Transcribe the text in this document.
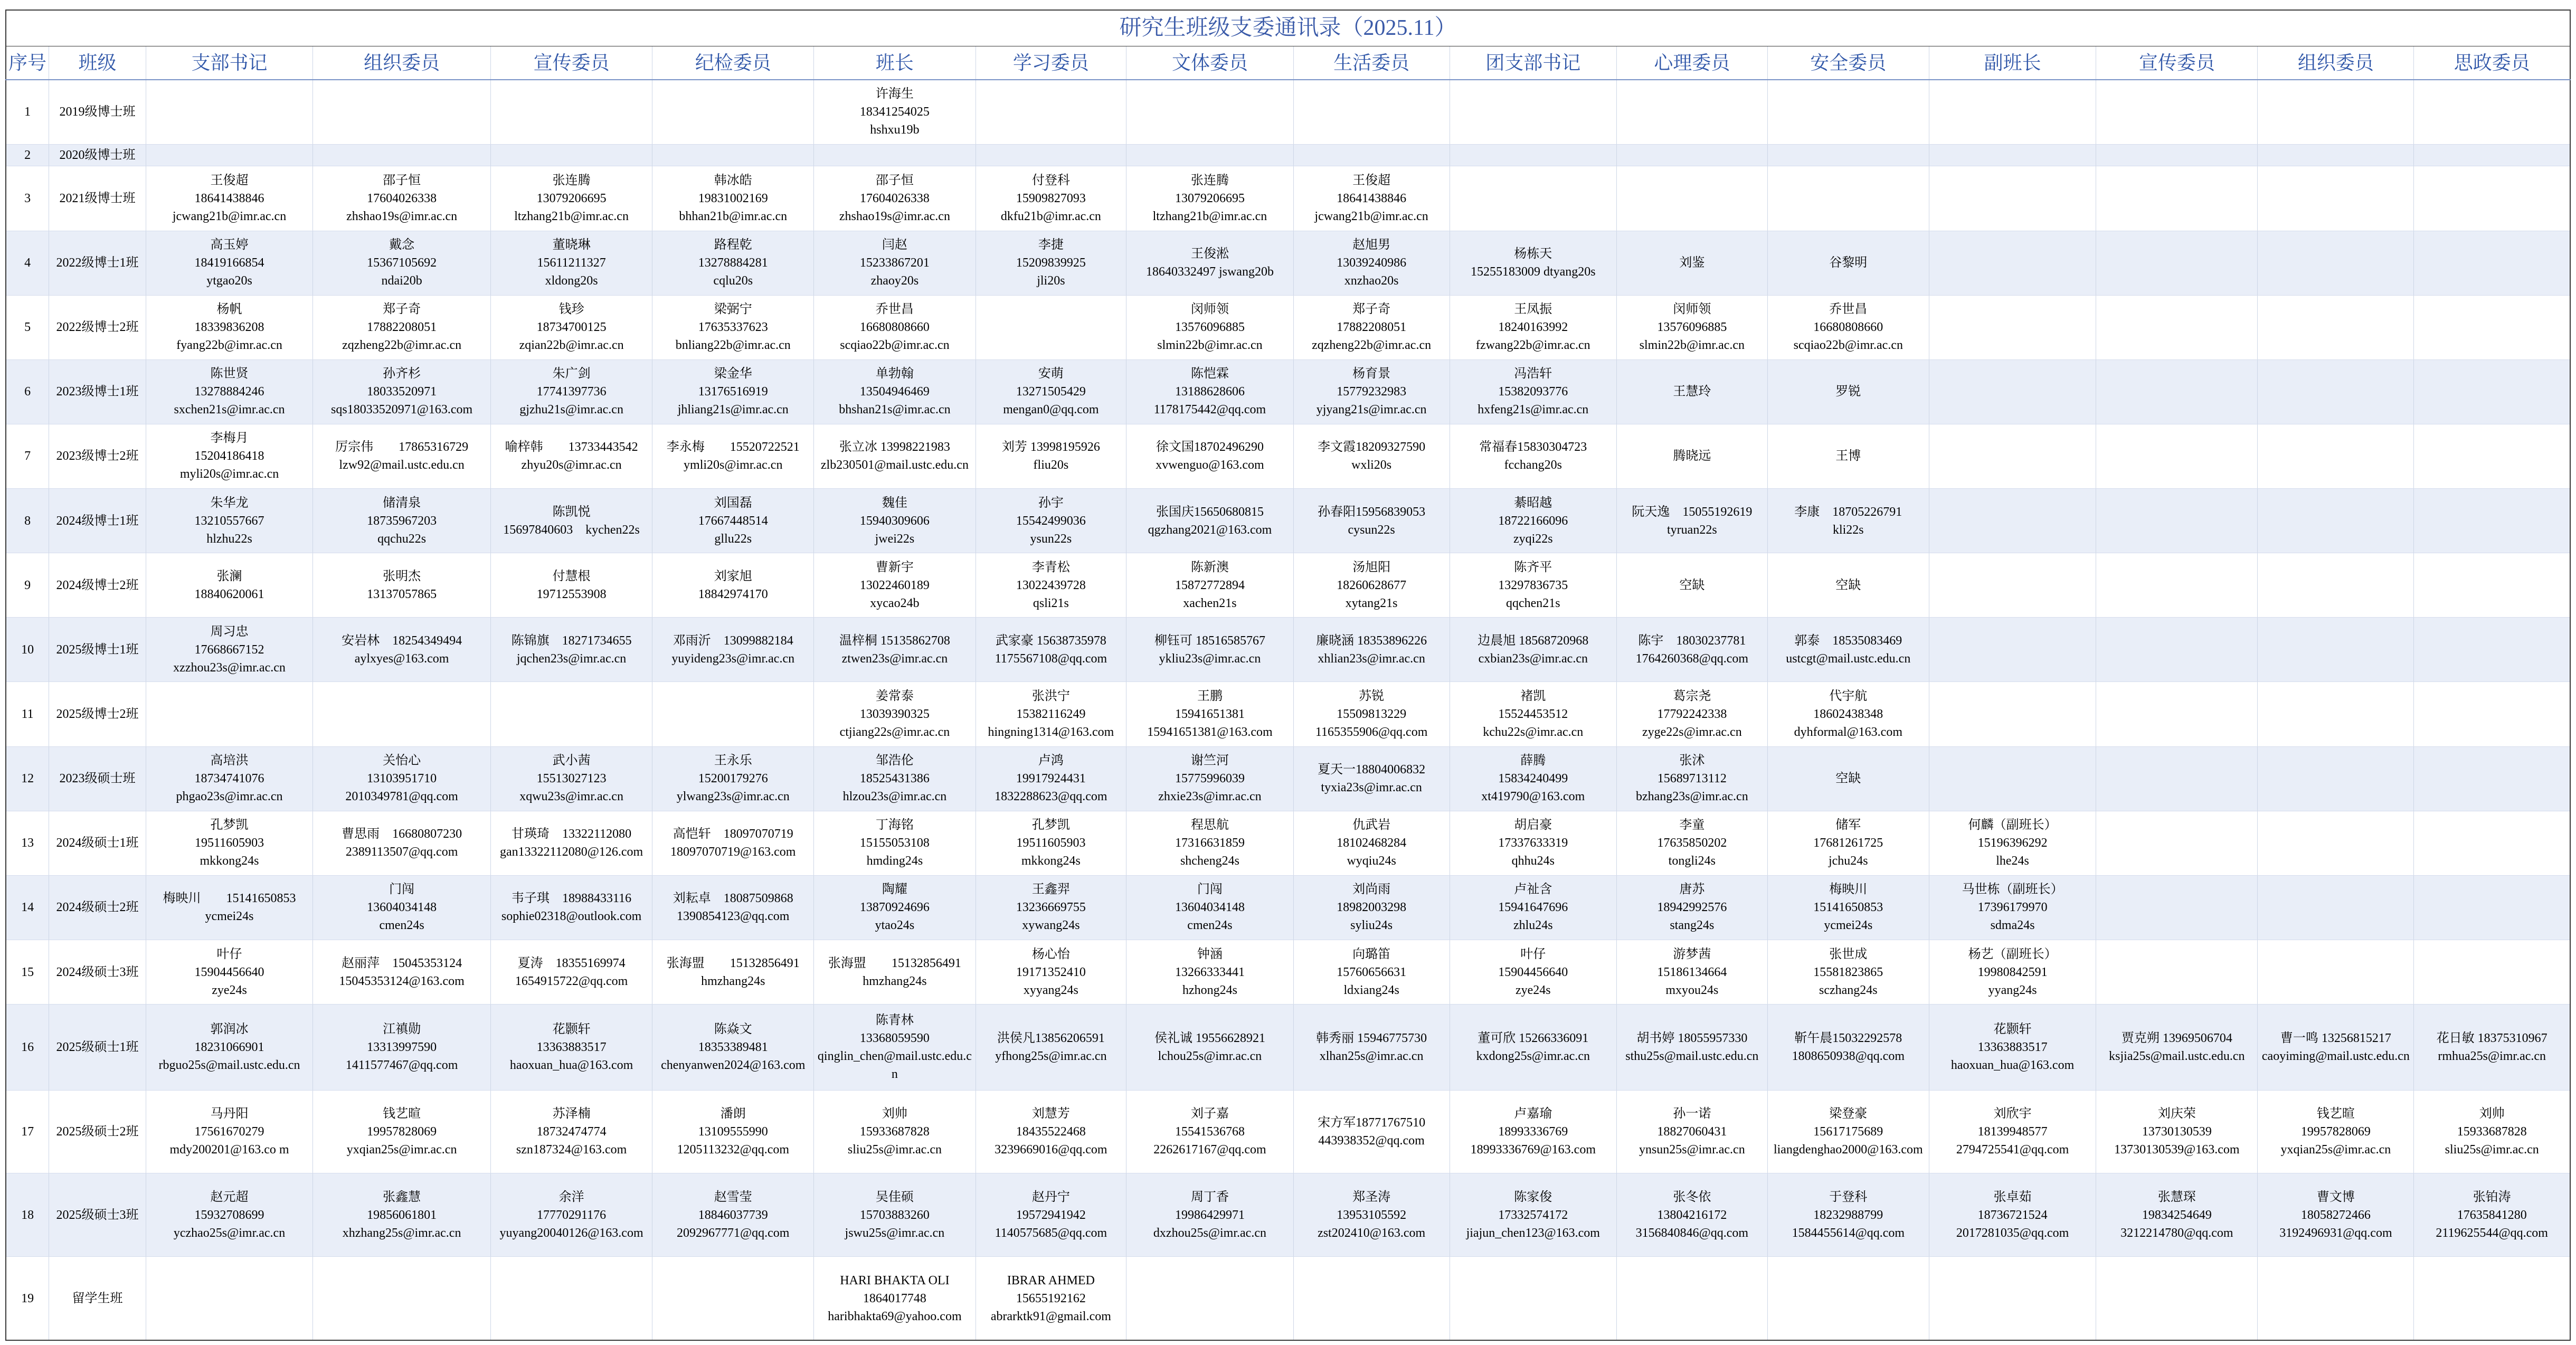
研究生班级支委通讯录（2025.11）																
序号	班级	支部书记	组织委员	宣传委员	纪检委员	班长	学习委员	文体委员	生活委员	团支部书记	心理委员	安全委员	副班长	宣传委员	组织委员	思政委员
1	2019级博士班					许海生
18341254025
hshxu19b										

2	2020级博士班															
3	2021级博士班	王俊超
18641438846
jcwang21b@imr.ac.cn	邵子恒
17604026338
zhshao19s@imr.ac.cn	张连腾
13079206695
ltzhang21b@imr.ac.cn	韩冰皓
19831002169
bhhan21b@imr.ac.cn	邵子恒
17604026338
zhshao19s@imr.ac.cn	付登科
15909827093
dkfu21b@imr.ac.cn	张连腾
13079206695
ltzhang21b@imr.ac.cn	王俊超
18641438846
jcwang21b@imr.ac.cn							

4	2022级博士1班	高玉婷
18419166854
ytgao20s	戴念
15367105692
ndai20b	董晓琳
15611211327
xldong20s	路程乾
13278884281
cqlu20s	闫赵
15233867201
zhaoy20s	李捷
15209839925
jli20s	王俊淞
18640332497 jswang20b	赵旭男
13039240986
xnzhao20s	杨栋天
15255183009 dtyang20s	刘鉴	谷黎明				
5	2022级博士2班	杨帆
18339836208
fyang22b@imr.ac.cn	郑子奇
17882208051
zqzheng22b@imr.ac.cn	钱珍
18734700125
zqian22b@imr.ac.cn	梁弼宁
17635337623
bnliang22b@imr.ac.cn	乔世昌
16680808660
scqiao22b@imr.ac.cn		闵师领
13576096885
slmin22b@imr.ac.cn	郑子奇
17882208051
zqzheng22b@imr.ac.cn	王凤振
18240163992
fzwang22b@imr.ac.cn	闵师领
13576096885
slmin22b@imr.ac.cn	乔世昌
16680808660
scqiao22b@imr.ac.cn				

6	2023级博士1班	陈世贤
13278884246
sxchen21s@imr.ac.cn	孙齐杉
18033520971
sqs18033520971@163.com	朱广剑
17741397736
gjzhu21s@imr.ac.cn	梁金华
13176516919
jhliang21s@imr.ac.cn	单勃翰
13504946469
bhshan21s@imr.ac.cn	安萌
13271505429
mengan0@qq.com	陈恺霖
13188628606
1178175442@qq.com	杨育景
15779232983
yjyang21s@imr.ac.cn	冯浩轩
15382093776
hxfeng21s@imr.ac.cn	王慧玲	罗锐				
7	2023级博士2班	李梅月
15204186418
myli20s@imr.ac.cn	厉宗伟　　17865316729
lzw92@mail.ustc.edu.cn	喻梓韩　　13733443542
zhyu20s@imr.ac.cn	李永梅　　15520722521
ymli20s@imr.ac.cn	张立冰 13998221983
zlb230501@mail.ustc.edu.cn	刘芳 13998195926
fliu20s	徐文国18702496290
xvwenguo@163.com	李文霞18209327590
wxli20s	常福春15830304723
fcchang20s	腾晓远	王博				
8	2024级博士1班	朱华龙
13210557667
hlzhu22s	储清泉
18735967203
qqchu22s	陈凯悦
15697840603　kychen22s	刘国磊
17667448514
gllu22s	魏佳
15940309606
jwei22s	孙宇
15542499036
ysun22s	张国庆15650680815
qgzhang2021@163.com	孙春阳15956839053
cysun22s	綦昭越
18722166096
zyqi22s	阮天逸　15055192619
tyruan22s	李康　18705226791
kli22s				

9	2024级博士2班	张澜
18840620061	张明杰
13137057865	付慧根
19712553908	刘家旭
18842974170	曹新宇
13022460189
xycao24b	李青松
13022439728
qsli21s	陈新澳
15872772894
xachen21s	汤旭阳
18260628677
xytang21s	陈齐平
13297836735
qqchen21s	空缺	空缺				
10	2025级博士1班	周习忠
17668667152
xzzhou23s@imr.ac.cn	安岩林　18254349494
aylxyes@163.com	陈锦旗　18271734655
jqchen23s@imr.ac.cn	邓雨沂　13099882184
yuyideng23s@imr.ac.cn	温梓桐 15135862708
ztwen23s@imr.ac.cn	武家豪 15638735978
1175567108@qq.com	柳钰可 18516585767
ykliu23s@imr.ac.cn	廉晓涵 18353896226
xhlian23s@imr.ac.cn	边晨旭 18568720968
cxbian23s@imr.ac.cn	陈宇　18030237781
1764260368@qq.com	郭泰　18535083469
ustcgt@mail.ustc.edu.cn				

11	2025级博士2班					姜常泰
13039390325
ctjiang22s@imr.ac.cn	张洪宁
15382116249
hingning1314@163.com	王鹏
15941651381
15941651381@163.com	苏锐
15509813229
1165355906@qq.com	褚凯
15524453512
kchu22s@imr.ac.cn	葛宗尧
17792242338
zyge22s@imr.ac.cn	代宇航
18602438348
dyhformal@163.com				

12	2023级硕士班	高培洪
18734741076
phgao23s@imr.ac.cn	关怡心
13103951710
2010349781@qq.com	武小茜
15513027123
xqwu23s@imr.ac.cn	王永乐
15200179276
ylwang23s@imr.ac.cn	邹浩伦
18525431386
hlzou23s@imr.ac.cn	卢鸿
19917924431
1832288623@qq.com	谢竺河
15775996039
zhxie23s@imr.ac.cn	夏天一18804006832
tyxia23s@imr.ac.cn	薛腾
15834240499
xt419790@163.com	张沭
15689713112
bzhang23s@imr.ac.cn	空缺				
13	2024级硕士1班	孔梦凯
19511605903
mkkong24s	曹思雨　16680807230
2389113507@qq.com	甘瑛琦　13322112080
gan13322112080@126.com	高恺轩　18097070719
18097070719@163.com	丁海铭
15155053108
hmding24s	孔梦凯
19511605903
mkkong24s	程思航
17316631859
shcheng24s	仇武岩
18102468284
wyqiu24s	胡启豪
17337633319
qhhu24s	李童
17635850202
tongli24s	储军
17681261725
jchu24s	何麟（副班长）
15196396292
lhe24s			

14	2024级硕士2班	梅映川　　15141650853
ycmei24s	门闯
13604034148
cmen24s	韦子琪　18988433116
sophie02318@outlook.com	刘耘卓　18087509868
1390854123@qq.com	陶耀
13870924696
ytao24s	王鑫羿
13236669755
xywang24s	门闯
13604034148
cmen24s	刘尚雨
18982003298
syliu24s	卢祉含
15941647696
zhlu24s	唐苏
18942992576
stang24s	梅映川
15141650853
ycmei24s	马世栋（副班长）
17396179970
sdma24s			

15	2024级硕士3班	叶仔
15904456640
zye24s	赵丽萍　15045353124
15045353124@163.com	夏涛　18355169974
1654915722@qq.com	张海盟　　15132856491
hmzhang24s	张海盟　　15132856491
hmzhang24s	杨心怡
19171352410
xyyang24s	钟涵
13266333441
hzhong24s	向璐笛
15760656631
ldxiang24s	叶仔
15904456640
zye24s	游梦茜
15186134664
mxyou24s	张世成
15581823865
sczhang24s	杨艺（副班长）
19980842591
yyang24s			

16	2025级硕士1班	郭润冰
18231066901
rbguo25s@mail.ustc.edu.cn	江禛勋
13313997590
1411577467@qq.com	花颢轩
13363883517
haoxuan_hua@163.com	陈焱文
18353389481
chenyanwen2024@163.com	陈青林
13368059590
qinglin_chen@mail.ustc.edu.cn	洪侯凡13856206591
yfhong25s@imr.ac.cn	侯礼诚 19556628921
lchou25s@imr.ac.cn	韩秀丽 15946775730
xlhan25s@imr.ac.cn	董可欣 15266336091
kxdong25s@imr.ac.cn	胡书婷 18055957330
sthu25s@mail.ustc.edu.cn	靳午晨15032292578
1808650938@qq.com	花颢轩
13363883517
haoxuan_hua@163.com	贾克朔 13969506704
ksjia25s@mail.ustc.edu.cn	曹一鸣 13256815217
caoyiming@mail.ustc.edu.cn	花日敏 18375310967
rmhua25s@imr.ac.cn

17	2025级硕士2班	马丹阳
17561670279
mdy200201@163.co m	钱艺暄
19957828069
yxqian25s@imr.ac.cn	苏泽楠
18732474774
szn187324@163.com	潘朗
13109555990
1205113232@qq.com	刘帅
15933687828
sliu25s@imr.ac.cn	刘慧芳
18435522468
3239669016@qq.com	刘子嘉
15541536768
2262617167@qq.com	宋方军18771767510
443938352@qq.com	卢嘉瑜
18993336769
18993336769@163.com	孙一诺
18827060431
ynsun25s@imr.ac.cn	梁登豪
15617175689
liangdenghao2000@163.com	刘欣宇
18139948577
2794725541@qq.com	刘庆荣
13730130539
13730130539@163.com	钱艺暄
19957828069
yxqian25s@imr.ac.cn	刘帅
15933687828
sliu25s@imr.ac.cn

18	2025级硕士3班	赵元超
15932708699
yczhao25s@imr.ac.cn	张鑫慧
19856061801
xhzhang25s@imr.ac.cn	余洋
17770291176
yuyang20040126@163.com	赵雪莹
18846037739
2092967771@qq.com	吴佳硕
15703883260
jswu25s@imr.ac.cn	赵丹宁
19572941942
1140575685@qq.com	周丁香
19986429971
dxzhou25s@imr.ac.cn	郑圣涛
13953105592
zst202410@163.com	陈家俊
17332574172
jiajun_chen123@163.com	张冬依
13804216172
3156840846@qq.com	于登科
18232988799
1584455614@qq.com	张卓茹
18736721524
2017281035@qq.com	张慧琛
19834254649
3212214780@qq.com	曹文博
18058272466
3192496931@qq.com	张铂涛
17635841280
2119625544@qq.com

19	留学生班					HARI BHAKTA OLI
1864017748
haribhakta69@yahoo.com	IBRAR AHMED
15655192162
abrarktk91@gmail.com									
